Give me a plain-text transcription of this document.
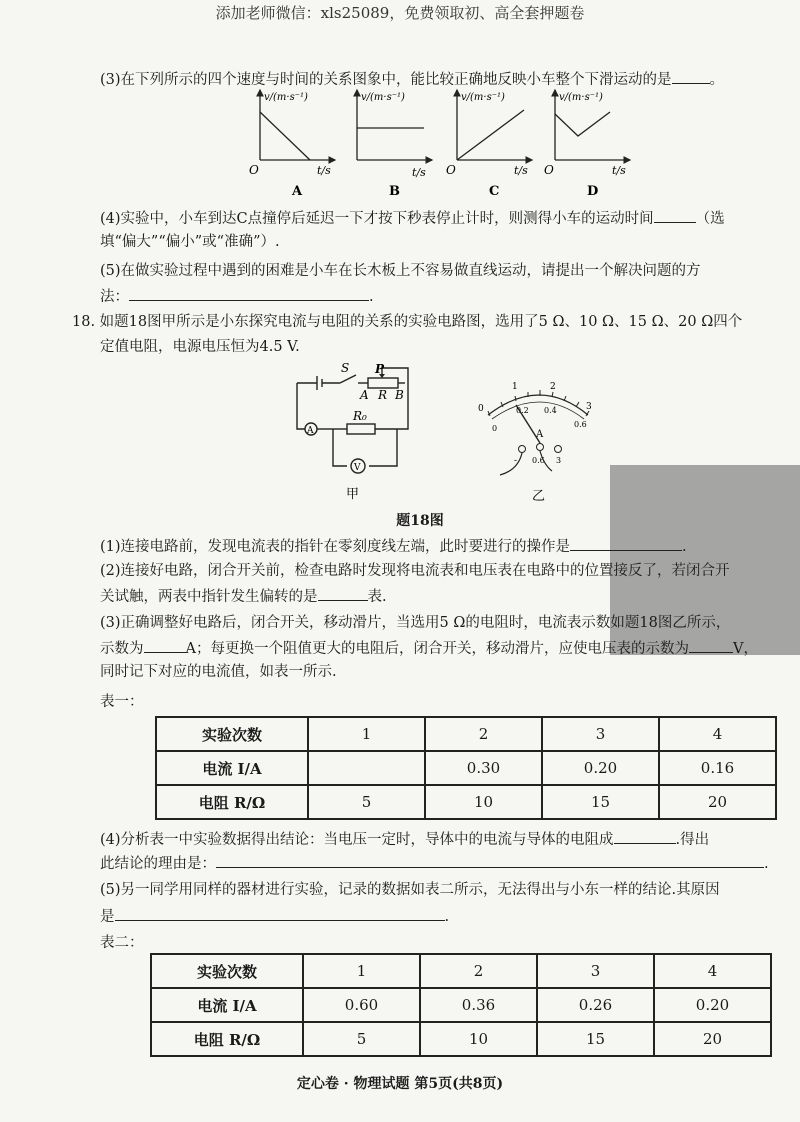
添加老师微信：xls25089，免费领取初、高全套押题卷
(3)在下列所示的四个速度与时间的关系图象中，能比较正确地反映小车整个下滑运动的是	。
v/(m·s⁻¹)
O	t/s
A
v/(m·s⁻¹)
t/s
B
v/(m·s⁻¹)
O	t/s
C
v/(m·s⁻¹)
O	t/s
D
(4)实验中，小车到达C点撞停后延迟一下才按下秒表停止计时，则测得小车的运动时间	（选
填“偏大”“偏小”或“准确”）.
(5)在做实验过程中遇到的困难是小车在长木板上不容易做直线运动，请提出一个解决问题的方
法：	.
18. 如题18图甲所示是小东探究电流与电阻的关系的实验电路图，选用了5 Ω、10 Ω、15 Ω、20 Ω四个
定值电阻，电源电压恒为4.5 V.
S P
A R B
R₀
A
V
甲
0
1	2
3
0
0.2 0.4
0.6
A
- 0.6 3
乙
题18图
(1)连接电路前，发现电流表的指针在零刻度线左端，此时要进行的操作是	.
(2)连接好电路，闭合开关前，检查电路时发现将电流表和电压表在电路中的位置接反了，若闭合开
关试触，两表中指针发生偏转的是	表.
(3)正确调整好电路后，闭合开关，移动滑片，当选用5 Ω的电阻时，电流表示数如题18图乙所示，
示数为	A；每更换一个阻值更大的电阻后，闭合开关，移动滑片，应使电压表的示数为	V，
同时记下对应的电流值，如表一所示.
表一：
实验次数	1	2	3	4
电流 I/A		0.30	0.20	0.16
电阻 R/Ω	5	10	15	20
(4)分析表一中实验数据得出结论：当电压一定时，导体中的电流与导体的电阻成	.得出
此结论的理由是：	.
(5)另一同学用同样的器材进行实验，记录的数据如表二所示，无法得出与小东一样的结论.其原因
是	.
表二：
实验次数	1	2	3	4
电流 I/A	0.60	0.36	0.26	0.20
电阻 R/Ω	5	10	15	20
定心卷 · 物理试题 第5页(共8页)
